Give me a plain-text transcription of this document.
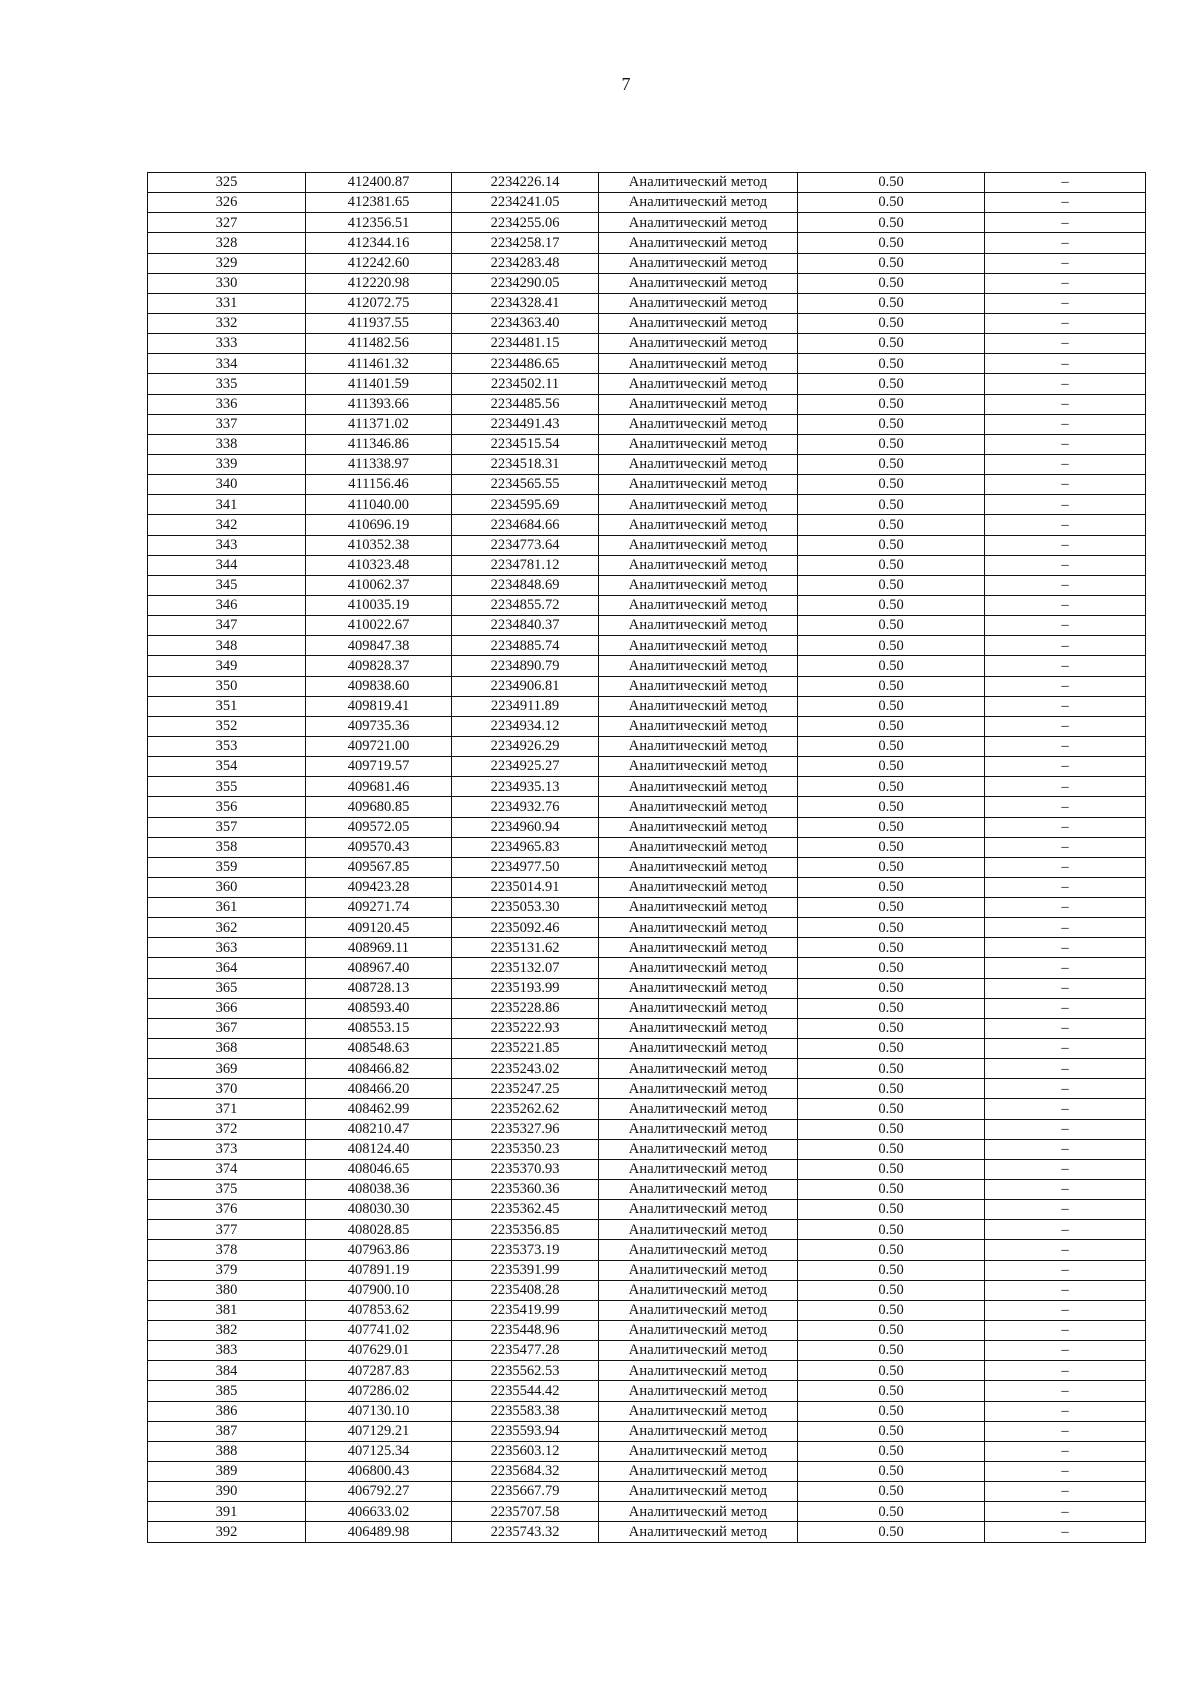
7
325	412400.87	2234226.14	Аналитический метод	0.50	–
326	412381.65	2234241.05	Аналитический метод	0.50	–
327	412356.51	2234255.06	Аналитический метод	0.50	–
328	412344.16	2234258.17	Аналитический метод	0.50	–
329	412242.60	2234283.48	Аналитический метод	0.50	–
330	412220.98	2234290.05	Аналитический метод	0.50	–
331	412072.75	2234328.41	Аналитический метод	0.50	–
332	411937.55	2234363.40	Аналитический метод	0.50	–
333	411482.56	2234481.15	Аналитический метод	0.50	–
334	411461.32	2234486.65	Аналитический метод	0.50	–
335	411401.59	2234502.11	Аналитический метод	0.50	–
336	411393.66	2234485.56	Аналитический метод	0.50	–
337	411371.02	2234491.43	Аналитический метод	0.50	–
338	411346.86	2234515.54	Аналитический метод	0.50	–
339	411338.97	2234518.31	Аналитический метод	0.50	–
340	411156.46	2234565.55	Аналитический метод	0.50	–
341	411040.00	2234595.69	Аналитический метод	0.50	–
342	410696.19	2234684.66	Аналитический метод	0.50	–
343	410352.38	2234773.64	Аналитический метод	0.50	–
344	410323.48	2234781.12	Аналитический метод	0.50	–
345	410062.37	2234848.69	Аналитический метод	0.50	–
346	410035.19	2234855.72	Аналитический метод	0.50	–
347	410022.67	2234840.37	Аналитический метод	0.50	–
348	409847.38	2234885.74	Аналитический метод	0.50	–
349	409828.37	2234890.79	Аналитический метод	0.50	–
350	409838.60	2234906.81	Аналитический метод	0.50	–
351	409819.41	2234911.89	Аналитический метод	0.50	–
352	409735.36	2234934.12	Аналитический метод	0.50	–
353	409721.00	2234926.29	Аналитический метод	0.50	–
354	409719.57	2234925.27	Аналитический метод	0.50	–
355	409681.46	2234935.13	Аналитический метод	0.50	–
356	409680.85	2234932.76	Аналитический метод	0.50	–
357	409572.05	2234960.94	Аналитический метод	0.50	–
358	409570.43	2234965.83	Аналитический метод	0.50	–
359	409567.85	2234977.50	Аналитический метод	0.50	–
360	409423.28	2235014.91	Аналитический метод	0.50	–
361	409271.74	2235053.30	Аналитический метод	0.50	–
362	409120.45	2235092.46	Аналитический метод	0.50	–
363	408969.11	2235131.62	Аналитический метод	0.50	–
364	408967.40	2235132.07	Аналитический метод	0.50	–
365	408728.13	2235193.99	Аналитический метод	0.50	–
366	408593.40	2235228.86	Аналитический метод	0.50	–
367	408553.15	2235222.93	Аналитический метод	0.50	–
368	408548.63	2235221.85	Аналитический метод	0.50	–
369	408466.82	2235243.02	Аналитический метод	0.50	–
370	408466.20	2235247.25	Аналитический метод	0.50	–
371	408462.99	2235262.62	Аналитический метод	0.50	–
372	408210.47	2235327.96	Аналитический метод	0.50	–
373	408124.40	2235350.23	Аналитический метод	0.50	–
374	408046.65	2235370.93	Аналитический метод	0.50	–
375	408038.36	2235360.36	Аналитический метод	0.50	–
376	408030.30	2235362.45	Аналитический метод	0.50	–
377	408028.85	2235356.85	Аналитический метод	0.50	–
378	407963.86	2235373.19	Аналитический метод	0.50	–
379	407891.19	2235391.99	Аналитический метод	0.50	–
380	407900.10	2235408.28	Аналитический метод	0.50	–
381	407853.62	2235419.99	Аналитический метод	0.50	–
382	407741.02	2235448.96	Аналитический метод	0.50	–
383	407629.01	2235477.28	Аналитический метод	0.50	–
384	407287.83	2235562.53	Аналитический метод	0.50	–
385	407286.02	2235544.42	Аналитический метод	0.50	–
386	407130.10	2235583.38	Аналитический метод	0.50	–
387	407129.21	2235593.94	Аналитический метод	0.50	–
388	407125.34	2235603.12	Аналитический метод	0.50	–
389	406800.43	2235684.32	Аналитический метод	0.50	–
390	406792.27	2235667.79	Аналитический метод	0.50	–
391	406633.02	2235707.58	Аналитический метод	0.50	–
392	406489.98	2235743.32	Аналитический метод	0.50	–
